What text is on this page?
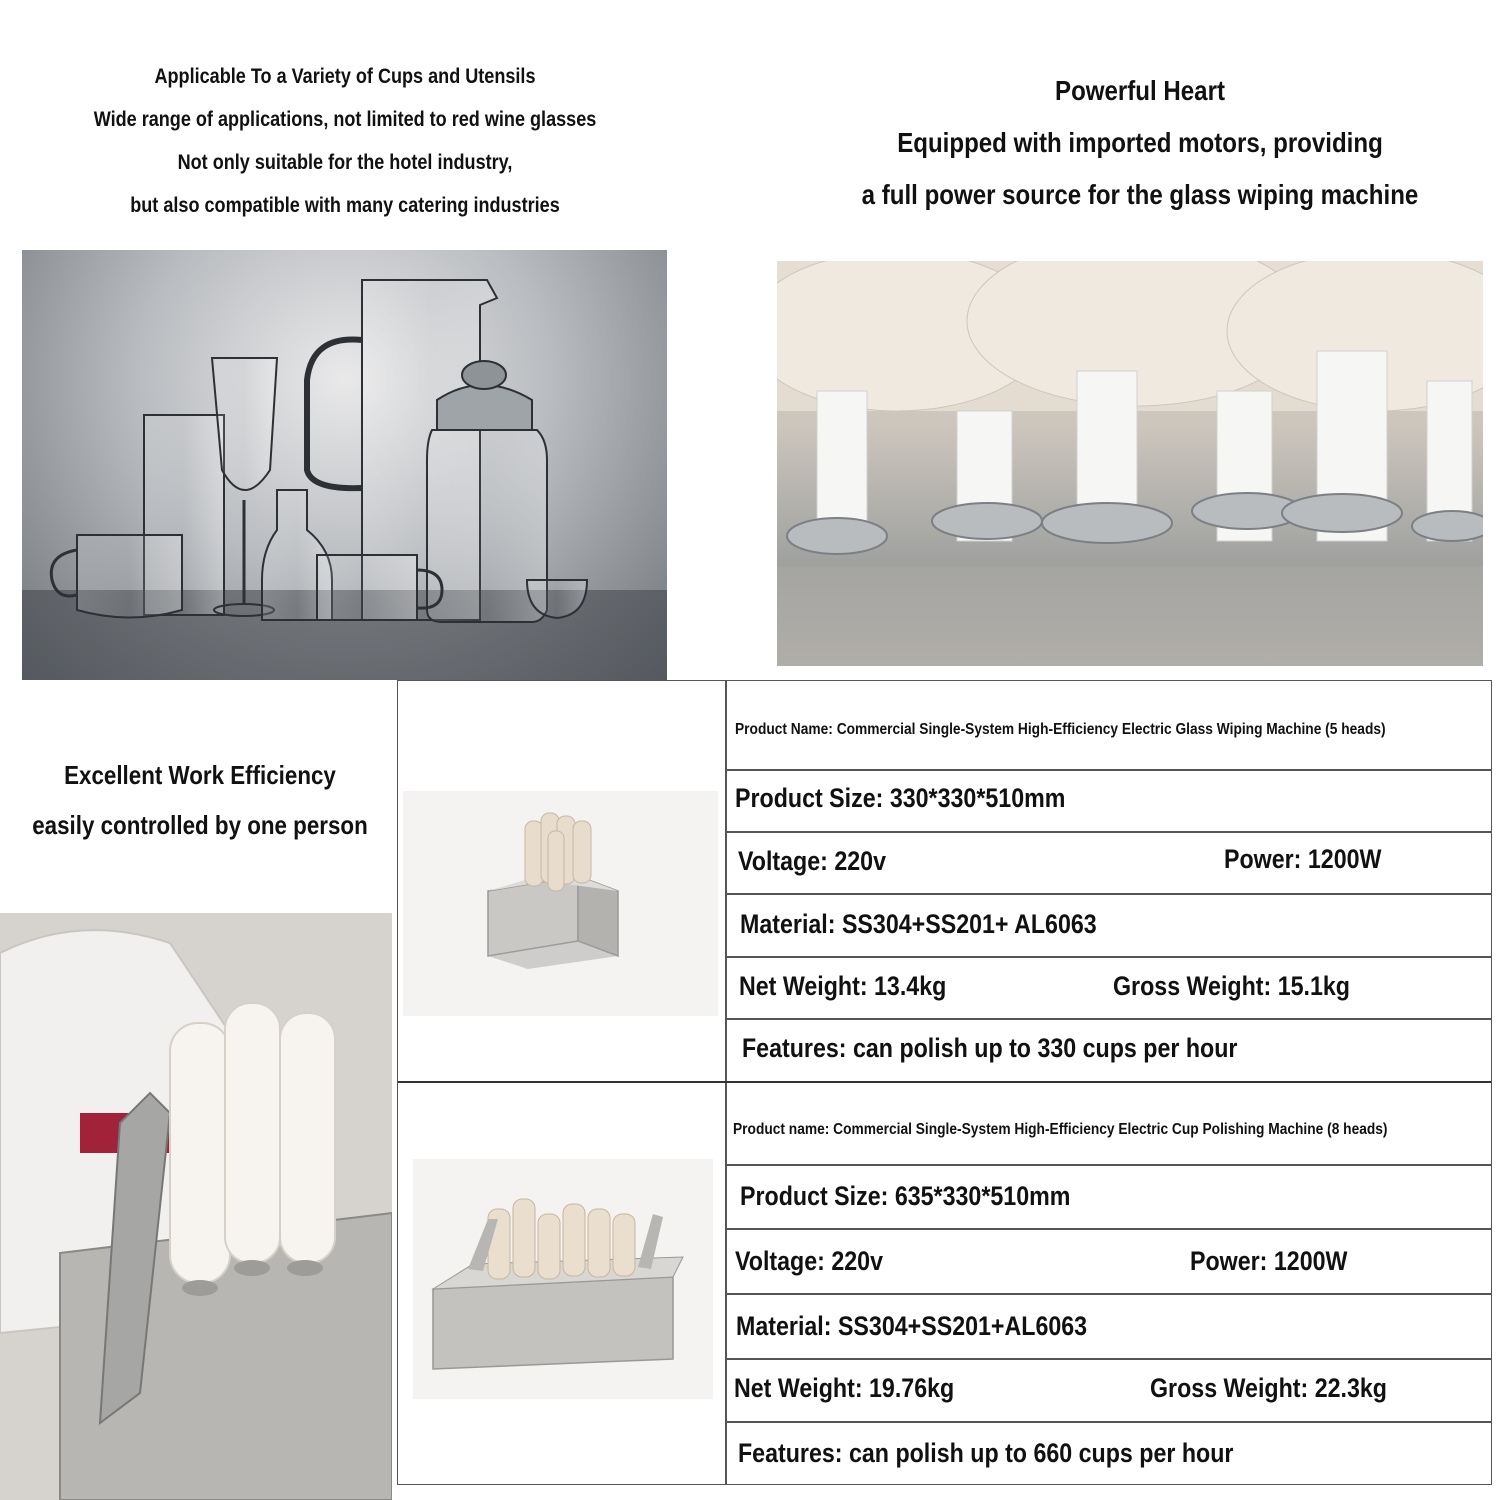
Applicable To a Variety of Cups and Utensils
Wide range of applications, not limited to red wine glasses
Not only suitable for the hotel industry,
but also compatible with many catering industries
Powerful Heart
Equipped with imported motors, providing
a full power source for the glass wiping machine
Excellent Work Efficiency
easily controlled by one person
Product Name: Commercial Single-System High-Efficiency Electric Glass Wiping Machine (5 heads)
Product Size: 330*330*510mm
Voltage: 220v	Power: 1200W
Material: SS304+SS201+ AL6063
Net Weight: 13.4kg	Gross Weight: 15.1kg
Features: can polish up to 330 cups per hour
Product name: Commercial Single-System High-Efficiency Electric Cup Polishing Machine (8 heads)
Product Size: 635*330*510mm
Voltage: 220v	Power: 1200W
Material: SS304+SS201+AL6063
Net Weight: 19.76kg	Gross Weight: 22.3kg
Features: can polish up to 660 cups per hour
